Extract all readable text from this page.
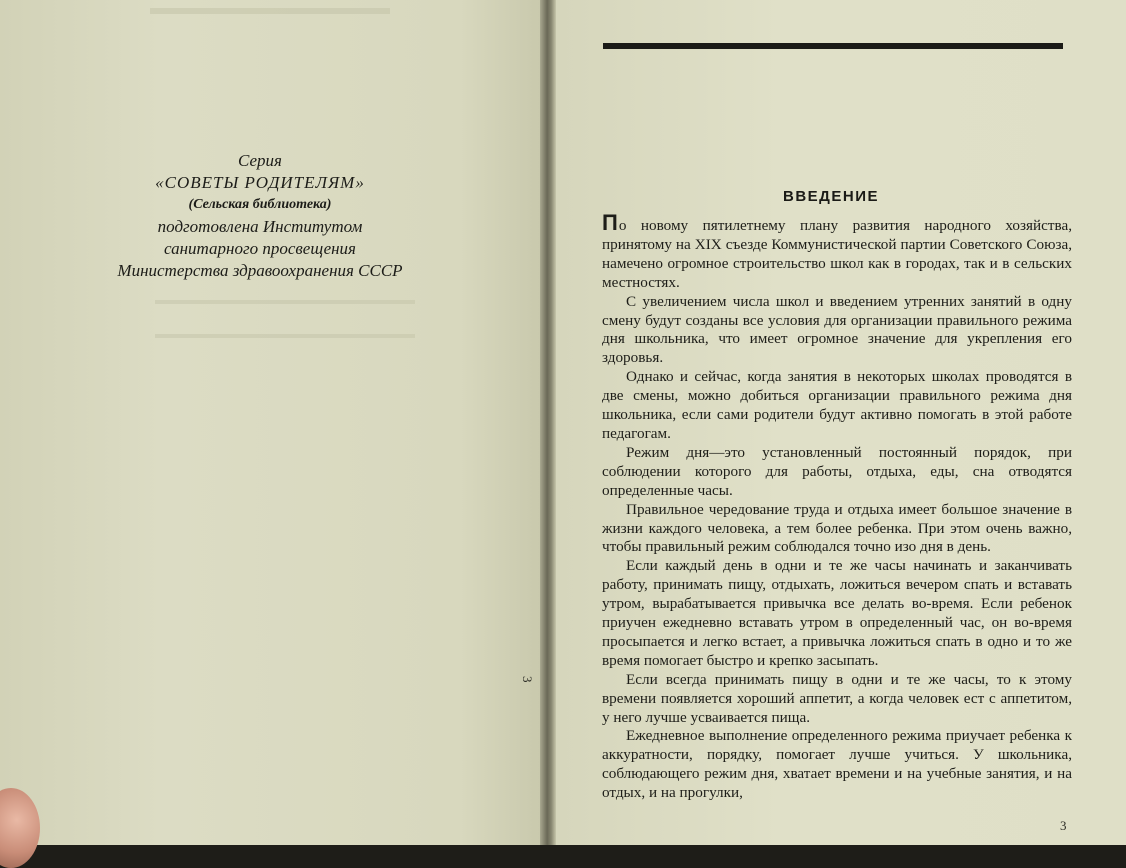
Серия
«СОВЕТЫ РОДИТЕЛЯМ»
(Сельская библиотека)
подготовлена Институтом
санитарного просвещения
Министерства здравоохранения СССР
3
ВВЕДЕНИЕ

По новому пятилетнему плану развития народного хозяйства, принятому на XIX съезде Коммунистической партии Советского Союза, намечено огромное строительство школ как в городах, так и в сельских местностях.

С увеличением числа школ и введением утренних занятий в одну смену будут созданы все условия для организации правильного режима дня школьника, что имеет огромное значение для укрепления его здоровья.

Однако и сейчас, когда занятия в некоторых школах проводятся в две смены, можно добиться организации правильного режима дня школьника, если сами родители будут активно помогать в этой работе педагогам.

Режим дня—это установленный постоянный порядок, при соблюдении которого для работы, отдыха, еды, сна отводятся определенные часы.

Правильное чередование труда и отдыха имеет большое значение в жизни каждого человека, а тем более ребенка. При этом очень важно, чтобы правильный режим соблюдался точно изо дня в день.

Если каждый день в одни и те же часы начинать и заканчивать работу, принимать пищу, отдыхать, ложиться вечером спать и вставать утром, вырабатывается привычка все делать во-время. Если ребенок приучен ежедневно вставать утром в определенный час, он во-время просыпается и легко встает, а привычка ложиться спать в одно и то же время помогает быстро и крепко засыпать.

Если всегда принимать пищу в одни и те же часы, то к этому времени появляется хороший аппетит, а когда человек ест с аппетитом, у него лучше усваивается пища.

Ежедневное выполнение определенного режима приучает ребенка к аккуратности, порядку, помогает лучше учиться. У школьника, соблюдающего режим дня, хватает времени и на учебные занятия, и на отдых, и на прогулки,

3
